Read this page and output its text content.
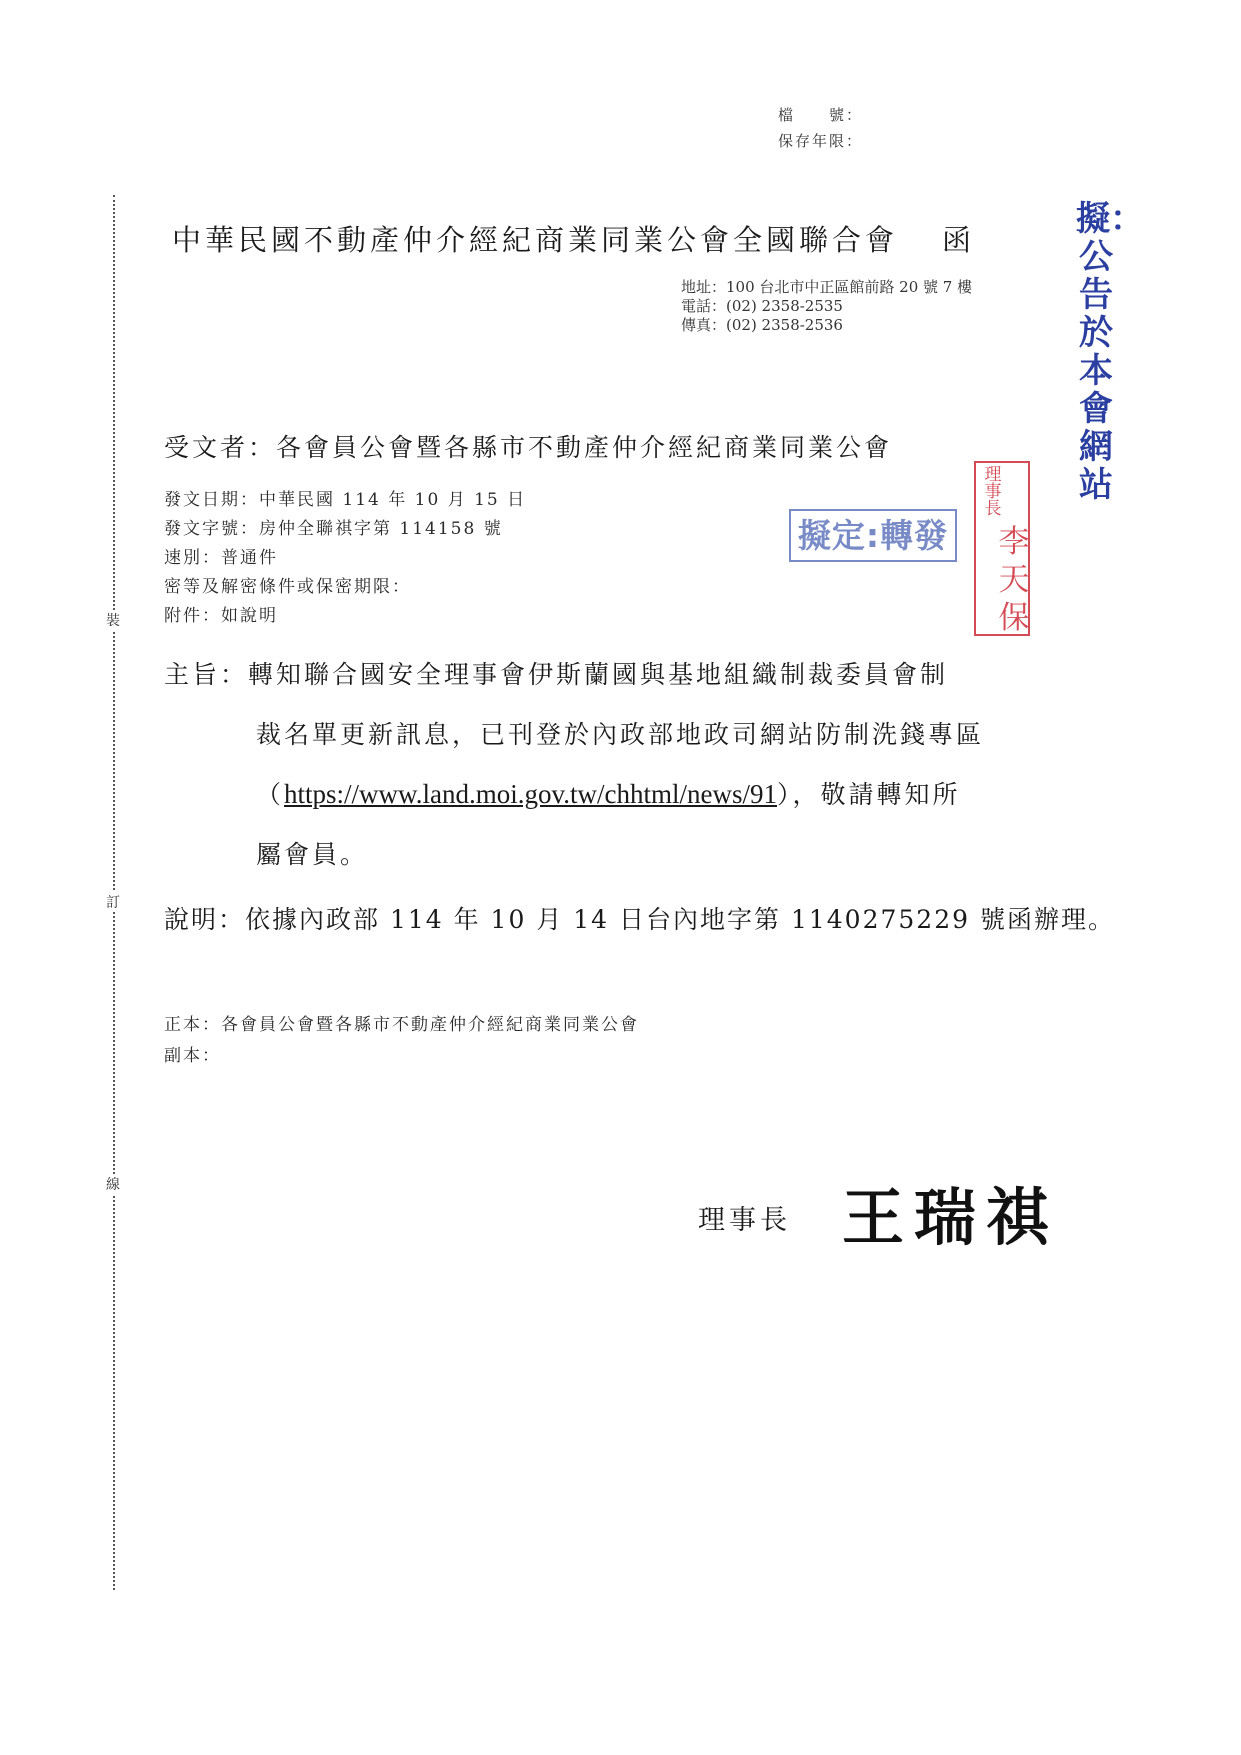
檔　　號：
保存年限：
裝
訂
線
中華民國不動產仲介經紀商業同業公會全國聯合會 函
地址：100 台北市中正區館前路 20 號 7 樓
電話：(02) 2358-2535
傳真：(02) 2358-2536
受文者：各會員公會暨各縣市不動產仲介經紀商業同業公會
發文日期：中華民國 114 年 10 月 15 日
發文字號：房仲全聯祺字第 114158 號
速別：普通件
密等及解密條件或保密期限：
附件：如說明
擬定:轉發
理事長
李天保
擬：公告於本會網站
主旨：轉知聯合國安全理事會伊斯蘭國與基地組織制裁委員會制
裁名單更新訊息，已刊登於內政部地政司網站防制洗錢專區
（https://www.land.moi.gov.tw/chhtml/news/91），敬請轉知所
屬會員。
說明：依據內政部 114 年 10 月 14 日台內地字第 1140275229 號函辦理。
正本：各會員公會暨各縣市不動產仲介經紀商業同業公會
副本：
理事長 王瑞祺
